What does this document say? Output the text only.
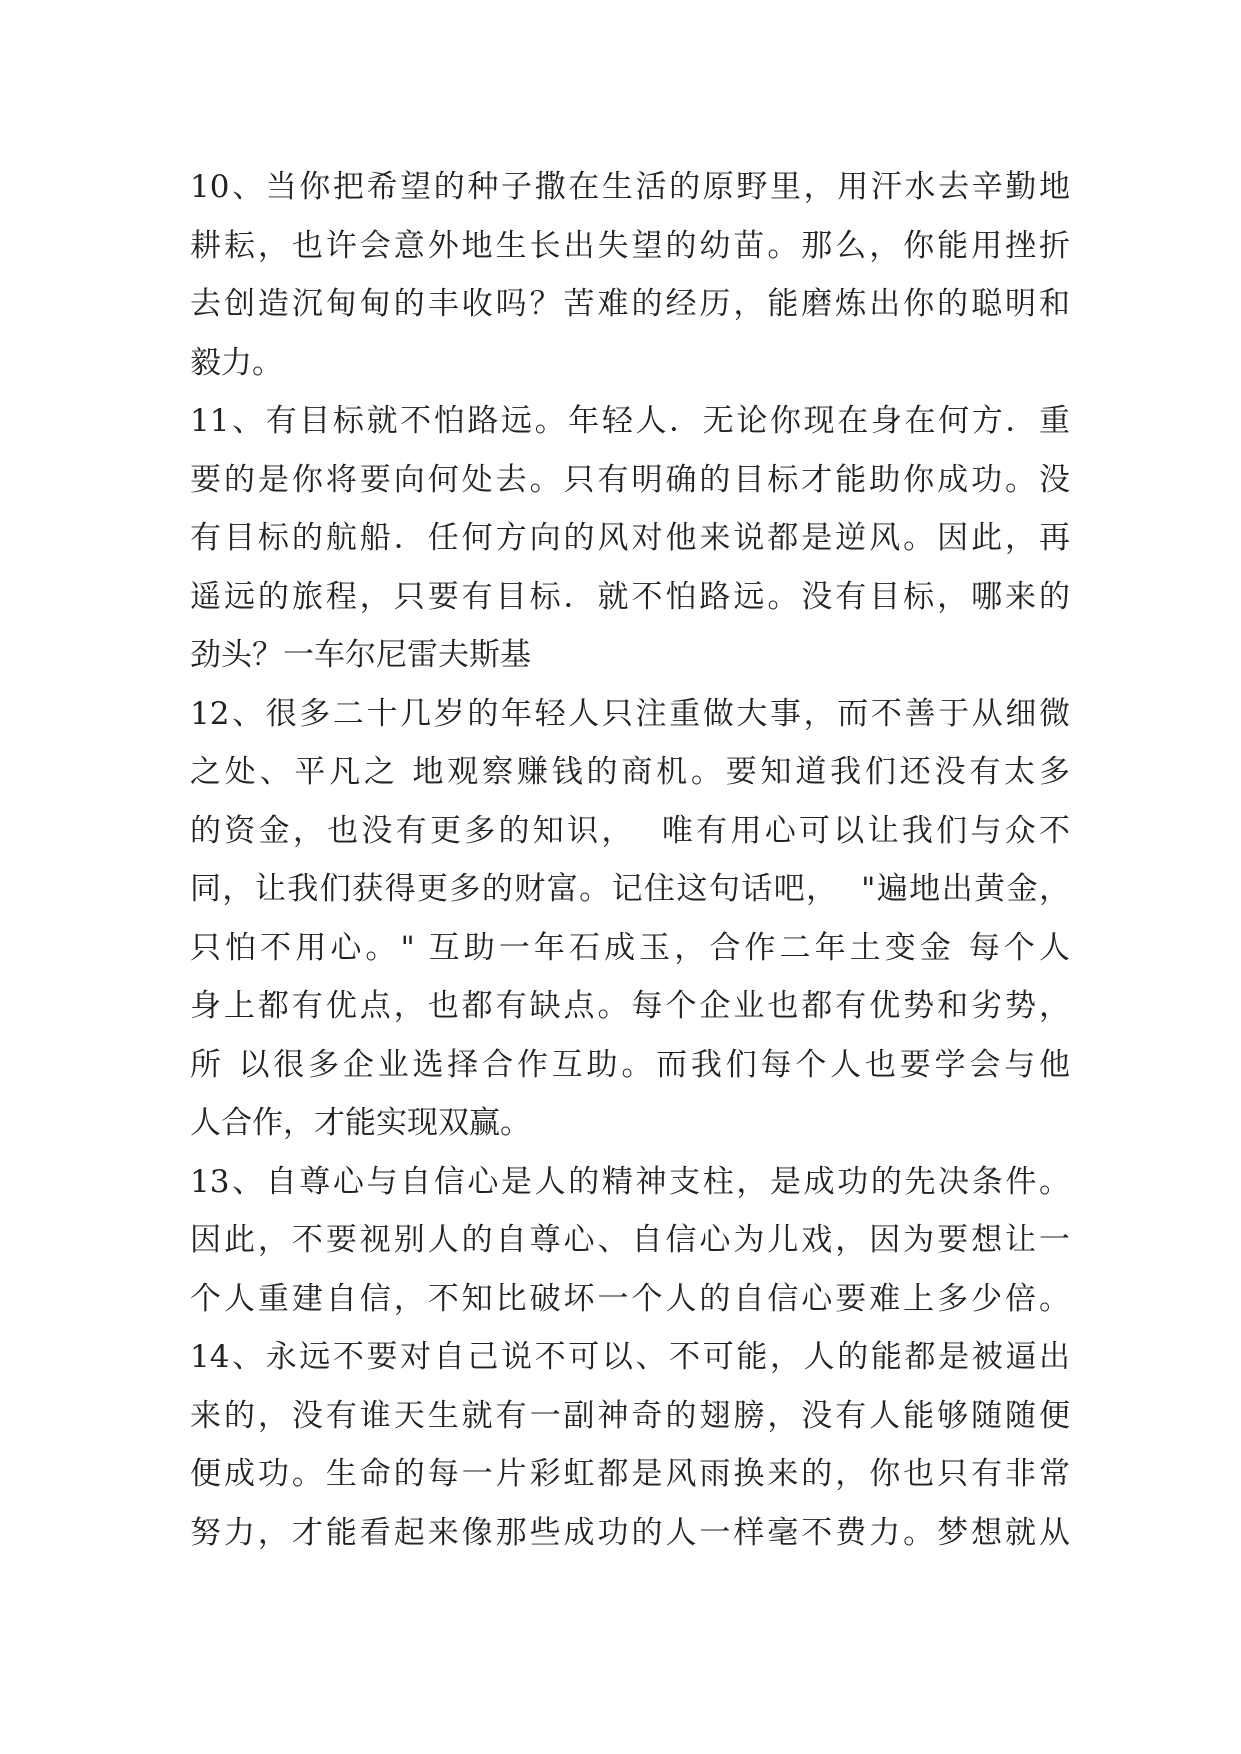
10、当你把希望的种子撒在生活的原野里，用汗水去辛勤地
耕耘，也许会意外地生长出失望的幼苗。那么，你能用挫折
去创造沉甸甸的丰收吗？苦难的经历，能磨炼出你的聪明和
毅力。
11、有目标就不怕路远。年轻人．无论你现在身在何方．重
要的是你将要向何处去。只有明确的目标才能助你成功。没
有目标的航船．任何方向的风对他来说都是逆风。因此，再
遥远的旅程，只要有目标．就不怕路远。没有目标，哪来的
劲头？一车尔尼雷夫斯基
12、很多二十几岁的年轻人只注重做大事，而不善于从细微
之处、平凡之 地观察赚钱的商机。要知道我们还没有太多
的资金，也没有更多的知识，  唯有用心可以让我们与众不
同，让我们获得更多的财富。记住这句话吧，  "遍地出黄金，
只怕不用心。" 互助一年石成玉，合作二年土变金 每个人
身上都有优点，也都有缺点。每个企业也都有优势和劣势，
所 以很多企业选择合作互助。而我们每个人也要学会与他
人合作，才能实现双赢。
13、自尊心与自信心是人的精神支柱，是成功的先决条件。
因此，不要视别人的自尊心、自信心为儿戏，因为要想让一
个人重建自信，不知比破坏一个人的自信心要难上多少倍。
14、永远不要对自己说不可以、不可能，人的能都是被逼出
来的，没有谁天生就有一副神奇的翅膀，没有人能够随随便
便成功。生命的每一片彩虹都是风雨换来的，你也只有非常
努力，才能看起来像那些成功的人一样毫不费力。梦想就从
